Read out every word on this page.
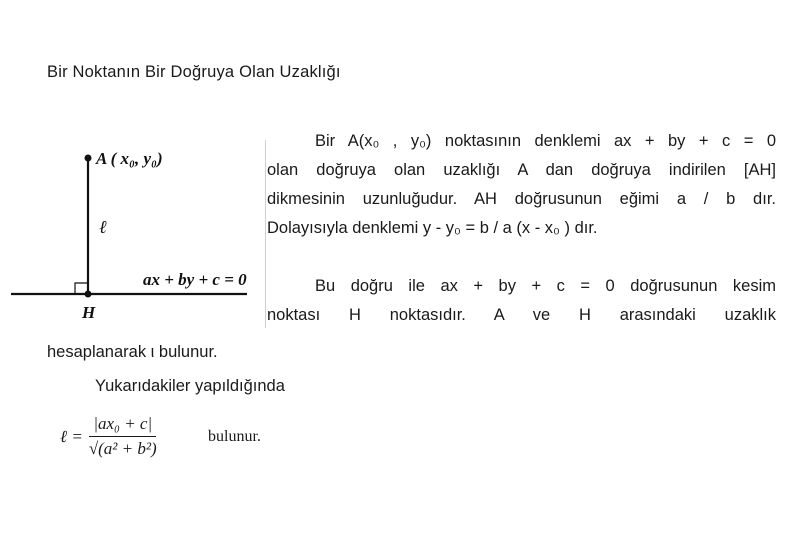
Bir Noktanın Bir Doğruya Olan Uzaklığı
A ( x₀, y₀)
ℓ
ax + by + c = 0
H
Bir A(x₀ , y₀) noktasının denklemi ax + by + c = 0
olan doğruya olan uzaklığı A dan doğruya indirilen [AH]
dikmesinin uzunluğudur. AH doğrusunun eğimi a / b dır.
Dolayısıyla denklemi y - y₀ = b / a (x - x₀ ) dır.
Bu doğru ile ax + by + c = 0 doğrusunun kesim
noktası H noktasıdır. A ve H arasındaki uzaklık
hesaplanarak ι bulunur.
Yukarıdakiler yapıldığında
ℓ = $\frac{\text{|ax₀ + c|}}{\text{√(a² + b²)}}$	bulunur.
